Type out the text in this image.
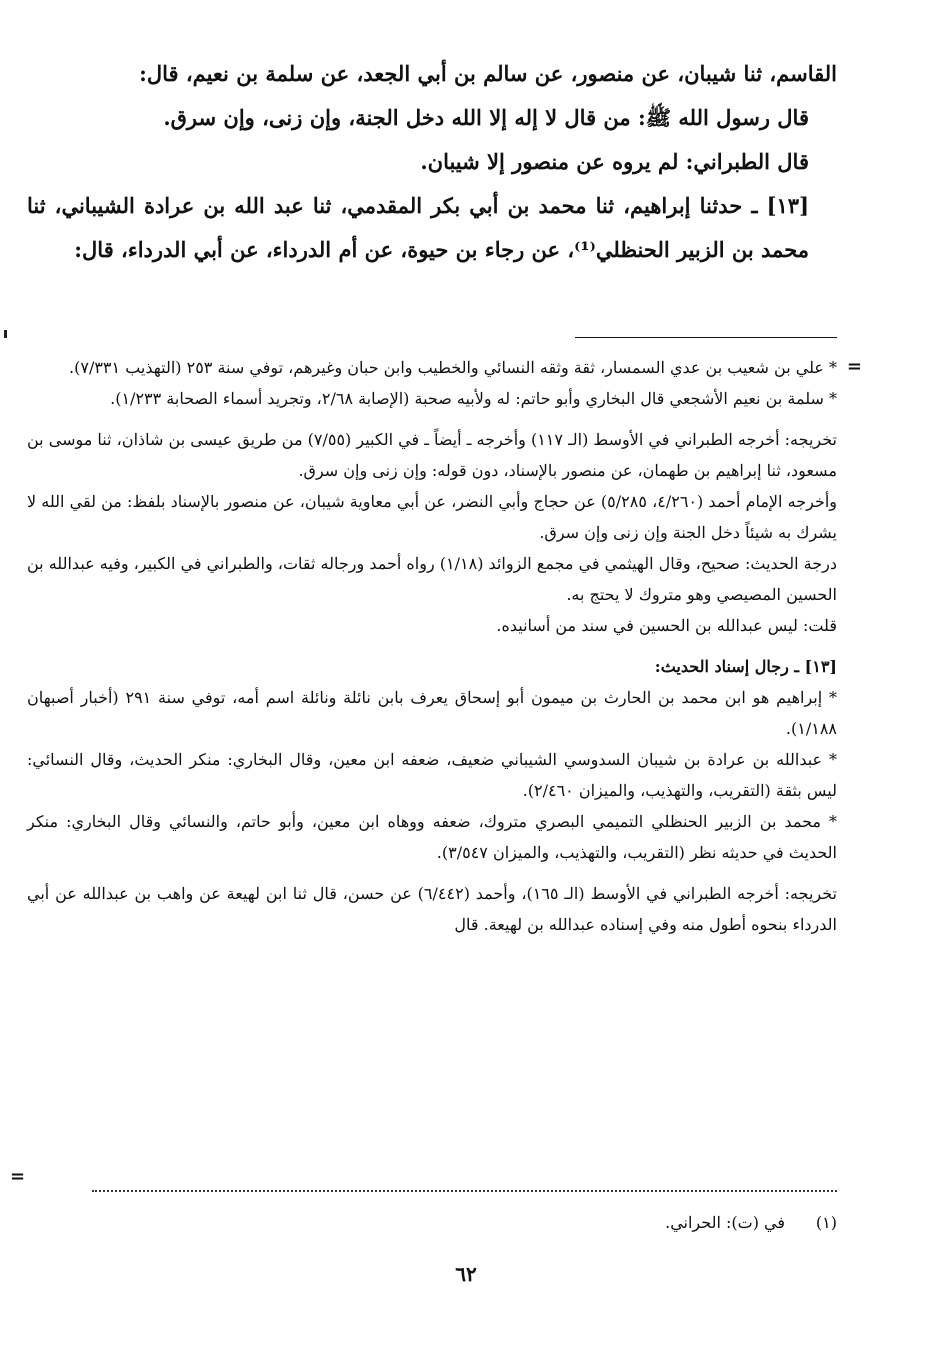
القاسم، ثنا شيبان، عن منصور، عن سالم بن أبي الجعد، عن سلمة بن نعيم، قال:

قال رسول الله ﷺ: من قال لا إله إلا الله دخل الجنة، وإن زنى، وإن سرق.

قال الطبراني: لم يروه عن منصور إلا شيبان.

[١٣] ـ حدثنا إبراهيم، ثنا محمد بن أبي بكر المقدمي، ثنا عبد الله بن عرادة الشيباني، ثنا محمد بن الزبير الحنظلي⁽¹⁾، عن رجاء بن حيوة، عن أم الدرداء، عن أبي الدرداء، قال:

=

* علي بن شعيب بن عدي السمسار، ثقة وثقه النسائي والخطيب وابن حبان وغيرهم، توفي سنة ٢٥٣ (التهذيب ٧/٣٣١).

* سلمة بن نعيم الأشجعي قال البخاري وأبو حاتم: له ولأبيه صحبة (الإصابة ٢/٦٨، وتجريد أسماء الصحابة ١/٢٣٣).

تخريجه: أخرجه الطبراني في الأوسط (الـ ١١٧) وأخرجه ـ أيضاً ـ في الكبير (٧/٥٥) من طريق عيسى بن شاذان، ثنا موسى بن مسعود، ثنا إبراهيم بن طهمان، عن منصور بالإسناد، دون قوله: وإن زنى وإن سرق.

وأخرجه الإمام أحمد (٤/٢٦٠، ٥/٢٨٥) عن حجاج وأبي النضر، عن أبي معاوية شيبان، عن منصور بالإسناد بلفظ: من لقي الله لا يشرك به شيئاً دخل الجنة وإن زنى وإن سرق.

درجة الحديث: صحيح، وقال الهيثمي في مجمع الزوائد (١/١٨) رواه أحمد ورجاله ثقات، والطبراني في الكبير، وفيه عبدالله بن الحسين المصيصي وهو متروك لا يحتج به.

قلت: ليس عبدالله بن الحسين في سند من أسانيده.

[١٣] ـ رجال إسناد الحديث:

* إبراهيم هو ابن محمد بن الحارث بن ميمون أبو إسحاق يعرف بابن نائلة ونائلة اسم أمه، توفي سنة ٢٩١ (أخبار أصبهان ١/١٨٨).

* عبدالله بن عرادة بن شيبان السدوسي الشيباني ضعيف، ضعفه ابن معين، وقال البخاري: منكر الحديث، وقال النسائي: ليس بثقة (التقريب، والتهذيب، والميزان ٢/٤٦٠).

* محمد بن الزبير الحنظلي التميمي البصري متروك، ضعفه ووهاه ابن معين، وأبو حاتم، والنسائي وقال البخاري: منكر الحديث في حديثه نظر (التقريب، والتهذيب، والميزان ٣/٥٤٧).

تخريجه: أخرجه الطبراني في الأوسط (الـ ١٦٥)، وأحمد (٦/٤٤٢) عن حسن، قال ثنا ابن لهيعة عن واهب بن عبدالله عن أبي الدرداء بنحوه أطول منه وفي إسناده عبدالله بن لهيعة. قال

=
(١)في (ت): الحراني.
٦٢
